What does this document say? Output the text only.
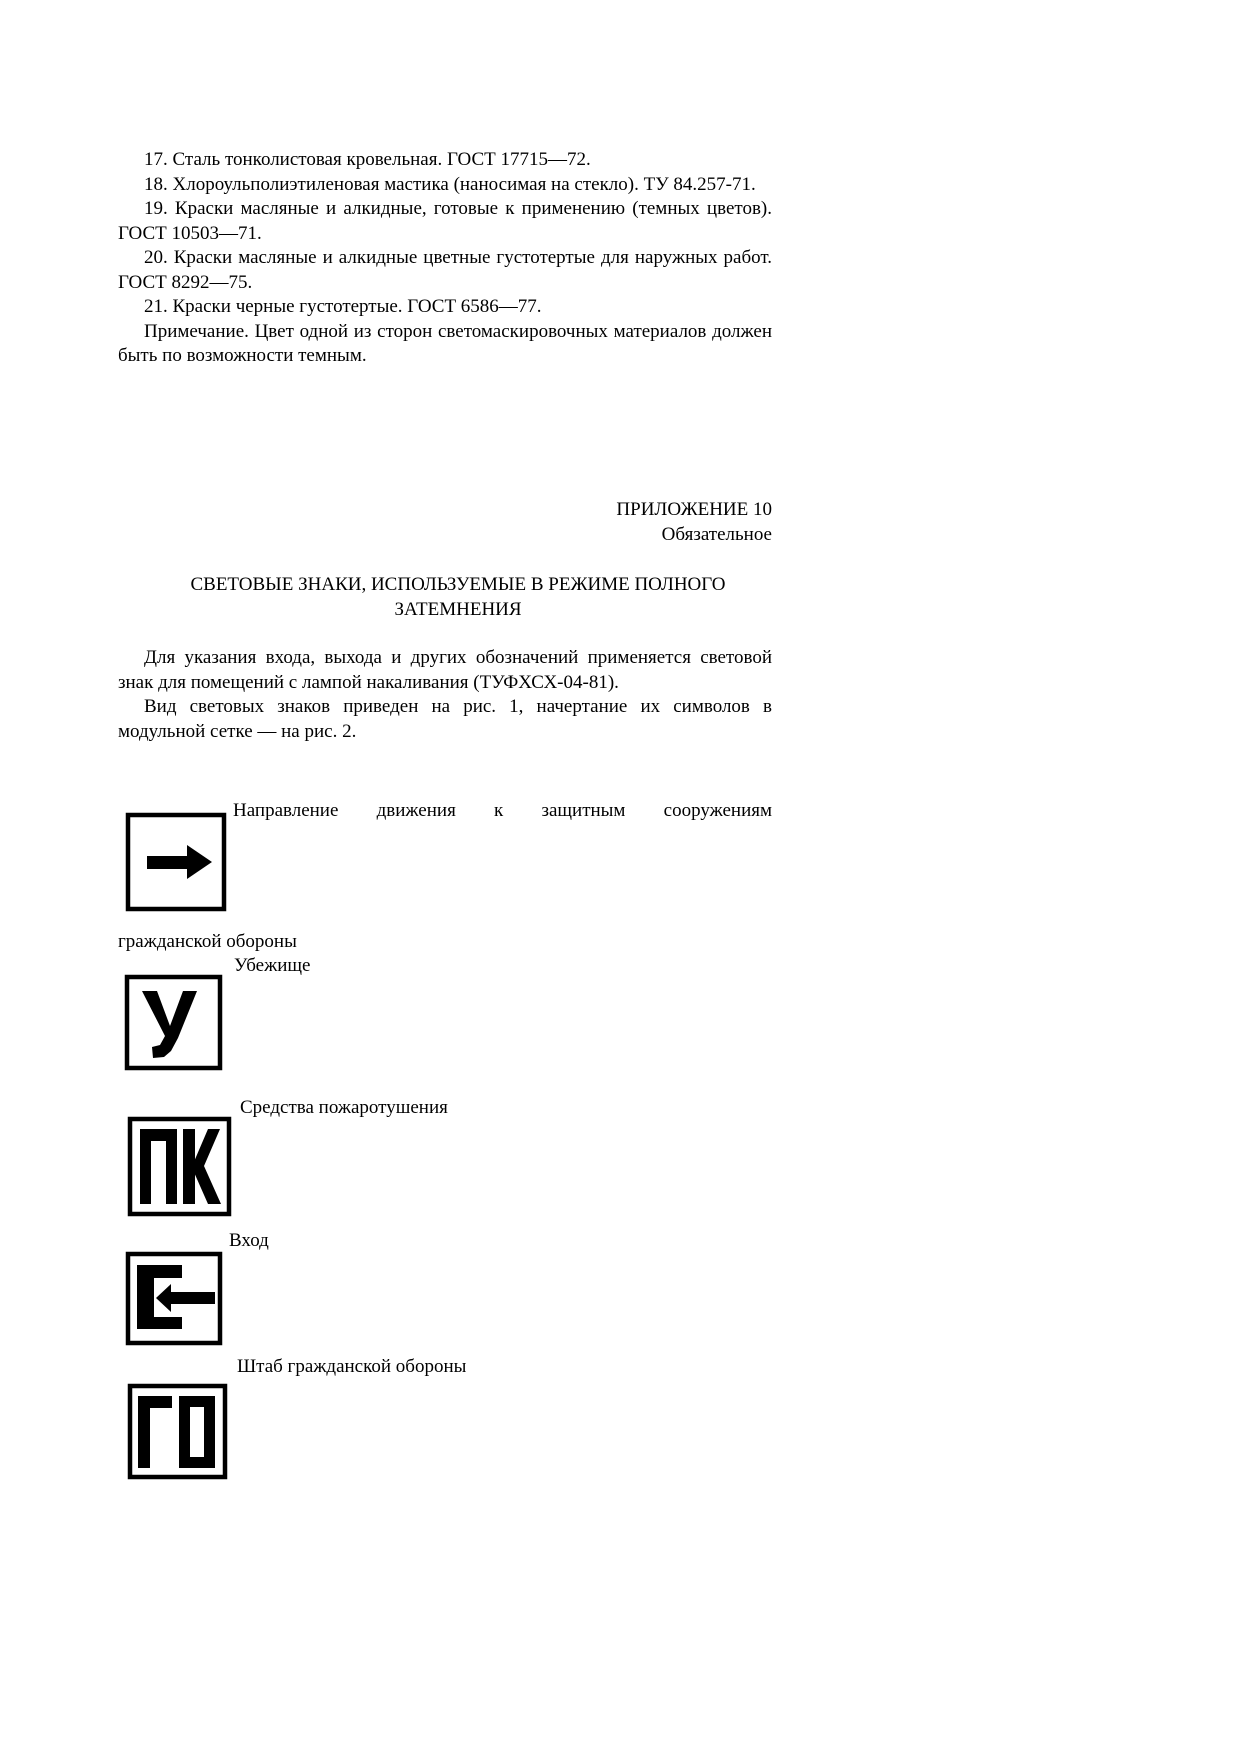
17. Сталь тонколистовая кровельная. ГОСТ 17715—72.

18. Хлороульполиэтиленовая мастика (наносимая на стекло). ТУ 84.257-71.

19. Краски масляные и алкидные, готовые к применению (темных цветов). ГОСТ 10503—71.

20. Краски масляные и алкидные цветные густотертые для наружных работ. ГОСТ 8292—75.

21. Краски черные густотертые. ГОСТ 6586—77.

Примечание. Цвет одной из сторон светомаскировочных материалов должен быть по возможности темным.

ПРИЛОЖЕНИЕ 10

Обязательное

СВЕТОВЫЕ ЗНАКИ, ИСПОЛЬЗУЕМЫЕ В РЕЖИМЕ ПОЛНОГО ЗАТЕМНЕНИЯ

Для указания входа, выхода и других обозначений применяется световой знак для помещений с лампой накаливания (ТУФХСХ-04-81).

Вид световых знаков приведен на рис. 1, начертание их символов в модульной сетке — на рис. 2.

Направление движения к защитным сооружениям
гражданской обороны
Убежище
Средства пожаротушения
Вход
Штаб гражданской обороны
